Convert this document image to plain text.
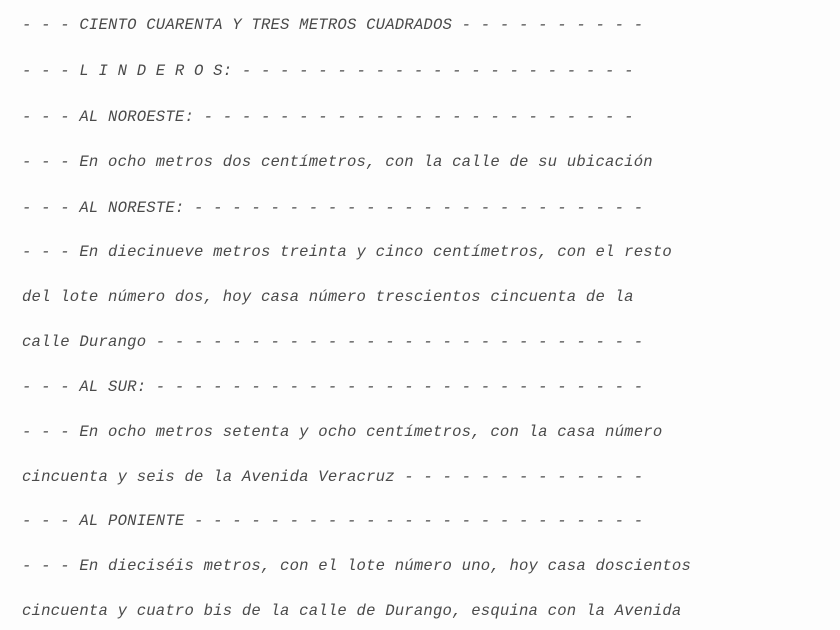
- - - CIENTO CUARENTA Y TRES METROS CUADRADOS - - - - - - - - - -

- - - L I N D E R O S: - - - - - - - - - - - - - - - - - - - - -

- - - AL NOROESTE: - - - - - - - - - - - - - - - - - - - - - - -

- - - En ocho metros dos centímetros, con la calle de su ubicación

- - - AL NORESTE: - - - - - - - - - - - - - - - - - - - - - - - -

- - - En diecinueve metros treinta y cinco centímetros, con el resto

del lote número dos, hoy casa número trescientos cincuenta de la

calle Durango - - - - - - - - - - - - - - - - - - - - - - - - - -

- - - AL SUR: - - - - - - - - - - - - - - - - - - - - - - - - - -

- - - En ocho metros setenta y ocho centímetros, con la casa número

cincuenta y seis de la Avenida Veracruz - - - - - - - - - - - - -

- - - AL PONIENTE - - - - - - - - - - - - - - - - - - - - - - - -

- - - En dieciséis metros, con el lote número uno, hoy casa doscientos

cincuenta y cuatro bis de la calle de Durango, esquina con la Avenida
